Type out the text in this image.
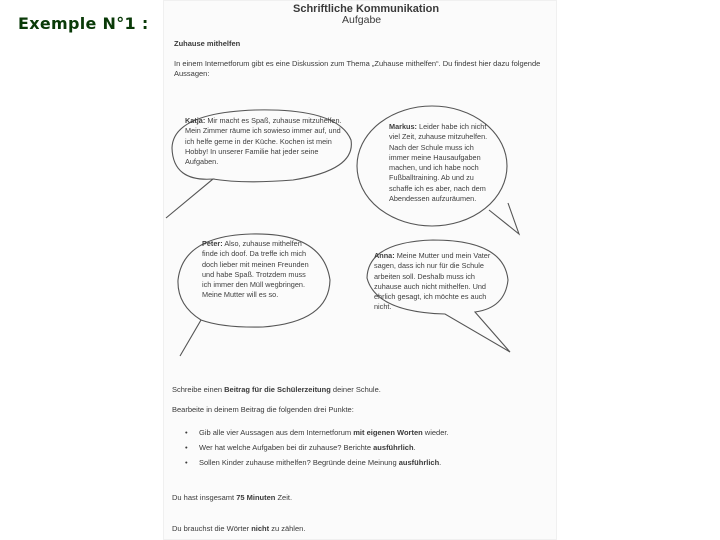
Exemple N°1 :
Schriftliche Kommunikation
Aufgabe
Zuhause mithelfen
In einem Internetforum gibt es eine Diskussion zum Thema „Zuhause mithelfen“. Du findest hier dazu folgende Aussagen:
Katja: Mir macht es Spaß, zuhause mitzuhelfen. Mein Zimmer räume ich sowieso immer auf, und ich helfe gerne in der Küche. Kochen ist mein Hobby! In unserer Familie hat jeder seine Aufgaben.
Markus: Leider habe ich nicht viel Zeit, zuhause mitzuhelfen. Nach der Schule muss ich immer meine Hausaufgaben machen, und ich habe noch Fußballtraining. Ab und zu schaffe ich es aber, nach dem Abendessen aufzuräumen.
Peter: Also, zuhause mithelfen finde ich doof. Da treffe ich mich doch lieber mit meinen Freunden und habe Spaß. Trotzdem muss ich immer den Müll wegbringen. Meine Mutter will es so.
Anna: Meine Mutter und mein Vater sagen, dass ich nur für die Schule arbeiten soll. Deshalb muss ich zuhause auch nicht mithelfen. Und ehrlich gesagt, ich möchte es auch nicht.
Schreibe einen Beitrag für die Schülerzeitung deiner Schule.
Bearbeite in deinem Beitrag die folgenden drei Punkte:
• Gib alle vier Aussagen aus dem Internetforum mit eigenen Worten wieder.
• Wer hat welche Aufgaben bei dir zuhause? Berichte ausführlich.
• Sollen Kinder zuhause mithelfen? Begründe deine Meinung ausführlich.
Du hast insgesamt 75 Minuten Zeit.
Du brauchst die Wörter nicht zu zählen.
